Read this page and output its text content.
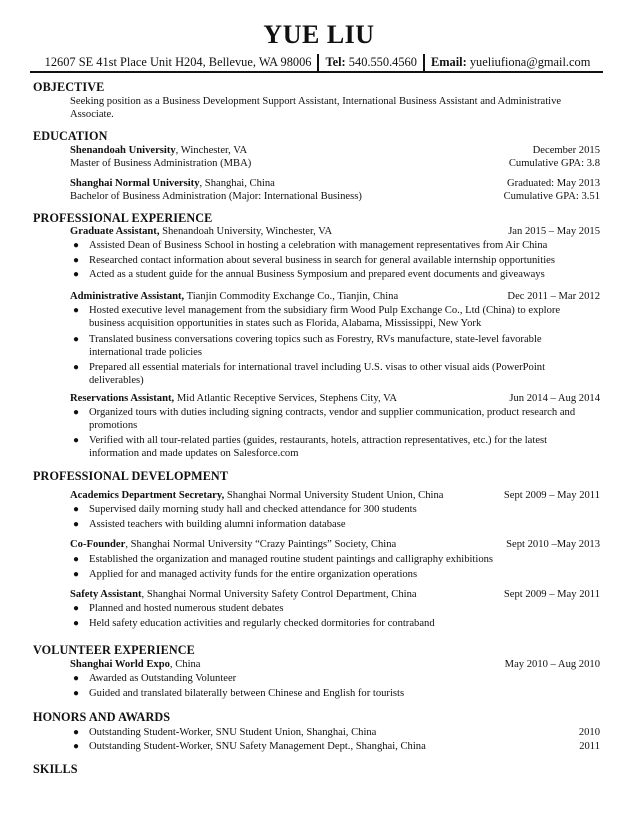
YUE LIU
12607 SE 41st Place Unit H204, Bellevue, WA 98006 Tel:
540.550.4560 Email:
yueliufiona@gmail.com
OBJECTIVE
Seeking position as a Business Development Support Assistant, International Business Assistant and Administrative
Associate.
EDUCATION
Shenandoah University, Winchester, VA	December 2015
Master of Business Administration (MBA)	Cumulative GPA: 3.8
Shanghai Normal University, Shanghai, China	Graduated: May 2013
Bachelor of Business Administration (Major: International Business)	Cumulative GPA: 3.51
PROFESSIONAL EXPERIENCE
Graduate Assistant, Shenandoah University, Winchester, VA	Jan 2015 – May 2015
● Assisted Dean of Business School in hosting a celebration with management representatives from Air China
● Researched contact information about several business in search for general available internship opportunities
● Acted as a student guide for the annual Business Symposium and prepared event documents and giveaways
Administrative Assistant, Tianjin Commodity Exchange Co., Tianjin, China	Dec 2011 – Mar 2012
● Hosted executive level management from the subsidiary firm Wood Pulp Exchange Co., Ltd (China) to explore
business acquisition opportunities in states such as Florida, Alabama, Mississippi, New York
● Translated business conversations covering topics such as Forestry, RVs manufacture, state-level favorable
international trade policies
● Prepared all essential materials for international travel including U.S. visas to other visual aids (PowerPoint
deliverables)
Reservations Assistant, Mid Atlantic Receptive Services, Stephens City, VA	Jun 2014 – Aug 2014
● Organized tours with duties including signing contracts, vendor and supplier communication, product research and
promotions
● Verified with all tour-related parties (guides, restaurants, hotels, attraction representatives, etc.) for the latest
information and made updates on Salesforce.com
PROFESSIONAL DEVELOPMENT
Academics Department Secretary, Shanghai Normal University Student Union, China	Sept 2009 – May 2011
● Supervised daily morning study hall and checked attendance for 300 students
● Assisted teachers with building alumni information database
Co-Founder, Shanghai Normal University “Crazy Paintings” Society, China	Sept 2010 –May 2013
● Established the organization and managed routine student paintings and calligraphy exhibitions
● Applied for and managed activity funds for the entire organization operations
Safety Assistant, Shanghai Normal University Safety Control Department, China	Sept 2009 – May 2011
● Planned and hosted numerous student debates
● Held safety education activities and regularly checked dormitories for contraband
VOLUNTEER EXPERIENCE
Shanghai World Expo, China	May 2010 – Aug 2010
● Awarded as Outstanding Volunteer
● Guided and translated bilaterally between Chinese and English for tourists
HONORS AND AWARDS
● Outstanding Student-Worker, SNU Student Union, Shanghai, China	2010
● Outstanding Student-Worker, SNU Safety Management Dept., Shanghai, China	2011
SKILLS
